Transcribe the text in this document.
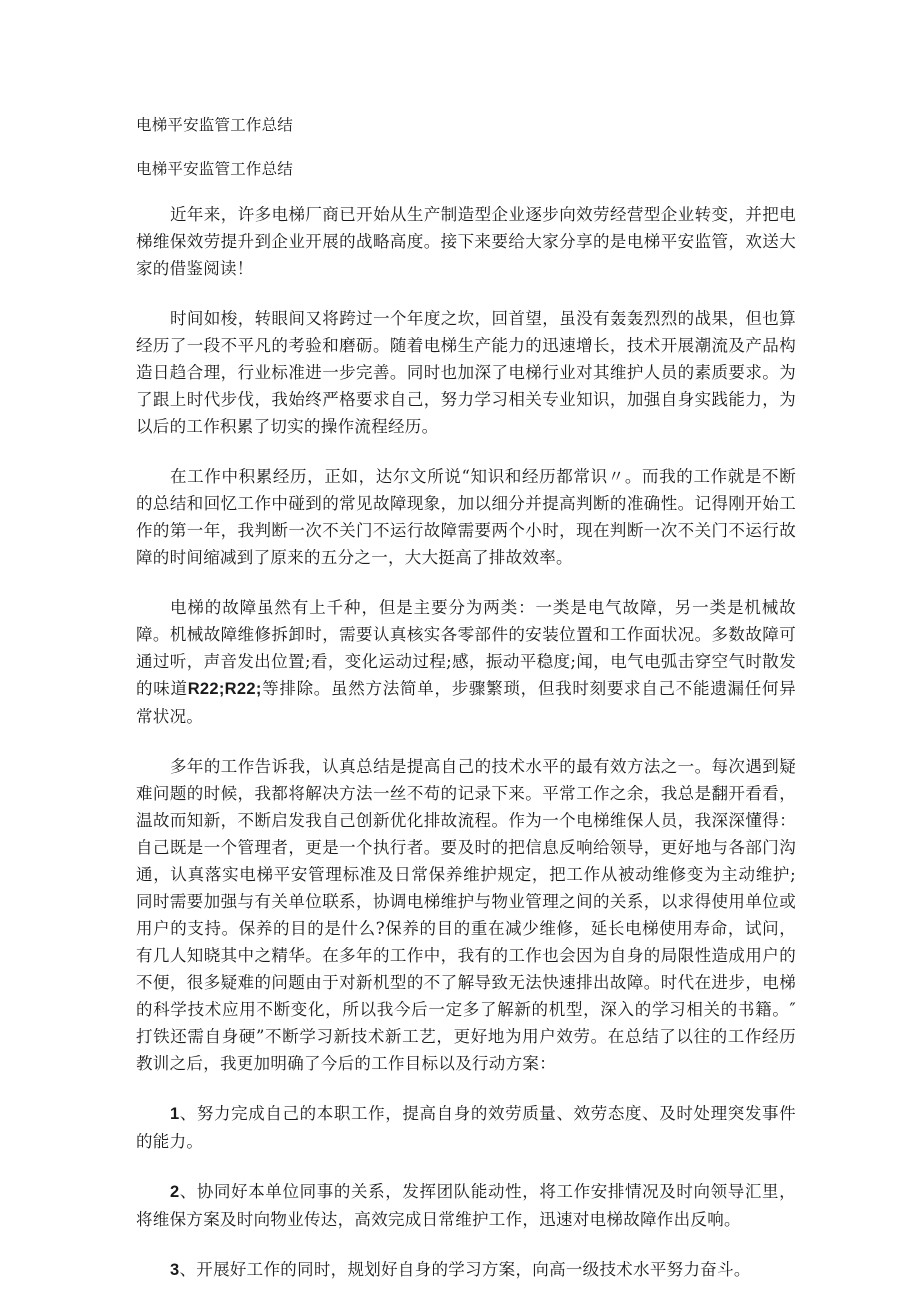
电梯平安监管工作总结

电梯平安监管工作总结

近年来，许多电梯厂商已开始从生产制造型企业逐步向效劳经营型企业转变，并把电梯维保效劳提升到企业开展的战略高度。接下来要给大家分享的是电梯平安监管，欢送大家的借鉴阅读！

时间如梭，转眼间又将跨过一个年度之坎，回首望，虽没有轰轰烈烈的战果，但也算经历了一段不平凡的考验和磨砺。随着电梯生产能力的迅速增长，技术开展潮流及产品构造日趋合理，行业标准进一步完善。同时也加深了电梯行业对其维护人员的素质要求。为了跟上时代步伐，我始终严格要求自己，努力学习相关专业知识，加强自身实践能力，为以后的工作积累了切实的操作流程经历。

在工作中积累经历，正如，达尔文所说“知识和经历都常识〃。而我的工作就是不断的总结和回忆工作中碰到的常见故障现象，加以细分并提高判断的准确性。记得刚开始工作的第一年，我判断一次不关门不运行故障需要两个小时，现在判断一次不关门不运行故障的时间缩减到了原来的五分之一，大大挺高了排故效率。

电梯的故障虽然有上千种，但是主要分为两类：一类是电气故障，另一类是机械故障。机械故障维修拆卸时，需要认真核实各零部件的安装位置和工作面状况。多数故障可通过听，声音发出位置;看，变化运动过程;感，振动平稳度;闻，电气电弧击穿空气时散发的味道R22;R22;等排除。虽然方法简单，步骤繁琐，但我时刻要求自己不能遗漏任何异常状况。

多年的工作告诉我，认真总结是提高自己的技术水平的最有效方法之一。每次遇到疑难问题的时候，我都将解决方法一丝不苟的记录下来。平常工作之余，我总是翻开看看，温故而知新，不断启发我自己创新优化排故流程。作为一个电梯维保人员，我深深懂得：自己既是一个管理者，更是一个执行者。要及时的把信息反响给领导，更好地与各部门沟通，认真落实电梯平安管理标准及日常保养维护规定，把工作从被动维修变为主动维护;同时需要加强与有关单位联系，协调电梯维护与物业管理之间的关系，以求得使用单位或用户的支持。保养的目的是什么?保养的目的重在减少维修，延长电梯使用寿命，试问，有几人知晓其中之精华。在多年的工作中，我有的工作也会因为自身的局限性造成用户的不便，很多疑难的问题由于对新机型的不了解导致无法快速排出故障。时代在进步，电梯的科学技术应用不断变化，所以我今后一定多了解新的机型，深入的学习相关的书籍。″打铁还需自身硬”不断学习新技术新工艺，更好地为用户效劳。在总结了以往的工作经历教训之后，我更加明确了今后的工作目标以及行动方案：

1、努力完成自己的本职工作，提高自身的效劳质量、效劳态度、及时处理突发事件的能力。

2、协同好本单位同事的关系，发挥团队能动性，将工作安排情况及时向领导汇里，将维保方案及时向物业传达，高效完成日常维护工作，迅速对电梯故障作出反响。

3、开展好工作的同时，规划好自身的学习方案，向高一级技术水平努力奋斗。
